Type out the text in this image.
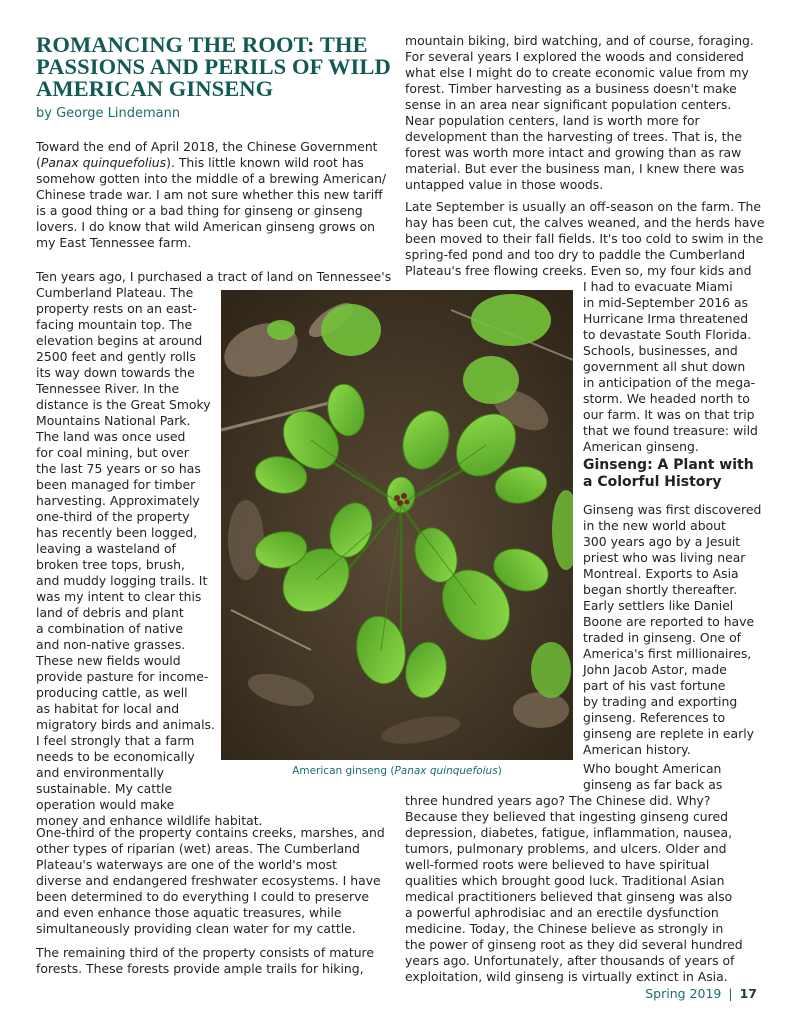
ROMANCING THE ROOT: THE
PASSIONS AND PERILS OF WILD
AMERICAN GINSENG

by George Lindemann

Toward the end of April 2018, the Chinese Government
(Panax quinquefolius). This little known wild root has
somehow gotten into the middle of a brewing American/
Chinese trade war. I am not sure whether this new tariff
is a good thing or a bad thing for ginseng or ginseng
lovers. I do know that wild American ginseng grows on
my East Tennessee farm.
Ten years ago, I purchased a tract of land on Tennessee's
Cumberland Plateau. The
property rests on an east-
facing mountain top. The
elevation begins at around
2500 feet and gently rolls
its way down towards the
Tennessee River. In the
distance is the Great Smoky
Mountains National Park.
The land was once used
for coal mining, but over
the last 75 years or so has
been managed for timber
harvesting. Approximately
one-third of the property
has recently been logged,
leaving a wasteland of
broken tree tops, brush,
and muddy logging trails. It
was my intent to clear this
land of debris and plant
a combination of native
and non-native grasses.
These new fields would
provide pasture for income-
producing cattle, as well
as habitat for local and
migratory birds and animals.
I feel strongly that a farm
needs to be economically
and environmentally
sustainable. My cattle
operation would make
money and enhance wildlife habitat.
One-third of the property contains creeks, marshes, and
other types of riparian (wet) areas. The Cumberland
Plateau's waterways are one of the world's most
diverse and endangered freshwater ecosystems. I have
been determined to do everything I could to preserve
and even enhance those aquatic treasures, while
simultaneously providing clean water for my cattle.
The remaining third of the property consists of mature
forests. These forests provide ample trails for hiking,
mountain biking, bird watching, and of course, foraging.
For several years I explored the woods and considered
what else I might do to create economic value from my
forest. Timber harvesting as a business doesn't make
sense in an area near significant population centers.
Near population centers, land is worth more for
development than the harvesting of trees. That is, the
forest was worth more intact and growing than as raw
material. But ever the business man, I knew there was
untapped value in those woods.
Late September is usually an off-season on the farm. The
hay has been cut, the calves weaned, and the herds have
been moved to their fall fields. It's too cold to swim in the
spring-fed pond and too dry to paddle the Cumberland
Plateau's free flowing creeks. Even so, my four kids and
I had to evacuate Miami
in mid-September 2016 as
Hurricane Irma threatened
to devastate South Florida.
Schools, businesses, and
government all shut down
in anticipation of the mega-
storm. We headed north to
our farm. It was on that trip
that we found treasure: wild
American ginseng.
Ginseng: A Plant with
a Colorful History
Ginseng was first discovered
in the new world about
300 years ago by a Jesuit
priest who was living near
Montreal. Exports to Asia
began shortly thereafter.
Early settlers like Daniel
Boone are reported to have
traded in ginseng. One of
America's first millionaires,
John Jacob Astor, made
part of his vast fortune
by trading and exporting
ginseng. References to
ginseng are replete in early
American history.
Who bought American
ginseng as far back as
three hundred years ago? The Chinese did. Why?
Because they believed that ingesting ginseng cured
depression, diabetes, fatigue, inflammation, nausea,
tumors, pulmonary problems, and ulcers. Older and
well-formed roots were believed to have spiritual
qualities which brought good luck. Traditional Asian
medical practitioners believed that ginseng was also
a powerful aphrodisiac and an erectile dysfunction
medicine. Today, the Chinese believe as strongly in
the power of ginseng root as they did several hundred
years ago. Unfortunately, after thousands of years of
exploitation, wild ginseng is virtually extinct in Asia.
American ginseng (Panax quinquefoius)
Spring 2019 | 17
